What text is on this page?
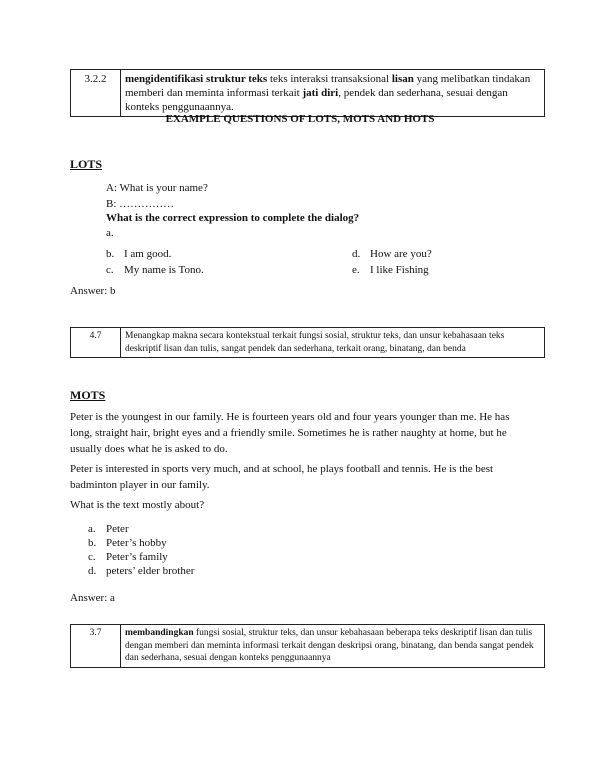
3.2.2	mengidentifikasi struktur teks teks interaksi transaksional lisan yang melibatkan tindakan memberi dan meminta informasi terkait jati diri, pendek dan sederhana, sesuai dengan konteks penggunaannya.
EXAMPLE QUESTIONS OF LOTS, MOTS AND HOTS
LOTS
A: What is your name?
B: ……………
What is the correct expression to complete the dialog?
a.
b. I am good.
c. My name is Tono.
d. How are you?
e. I like Fishing
Answer: b
4.7	Menangkap makna secara kontekstual terkait fungsi sosial, struktur teks, dan unsur kebahasaan teks deskriptif lisan dan tulis, sangat pendek dan sederhana, terkait orang, binatang, dan benda
MOTS
Peter is the youngest in our family. He is fourteen years old and four years younger than me. He has long, straight hair, bright eyes and a friendly smile. Sometimes he is rather naughty at home, but he usually does what he is asked to do.
Peter is interested in sports very much, and at school, he plays football and tennis. He is the best badminton player in our family.
What is the text mostly about?
a. Peter
b. Peter’s hobby
c. Peter’s family
d. peters’ elder brother
Answer: a
3.7	membandingkan fungsi sosial, struktur teks, dan unsur kebahasaan beberapa teks deskriptif lisan dan tulis dengan memberi dan meminta informasi terkait dengan deskripsi orang, binatang, dan benda sangat pendek dan sederhana, sesuai dengan konteks penggunaannya
